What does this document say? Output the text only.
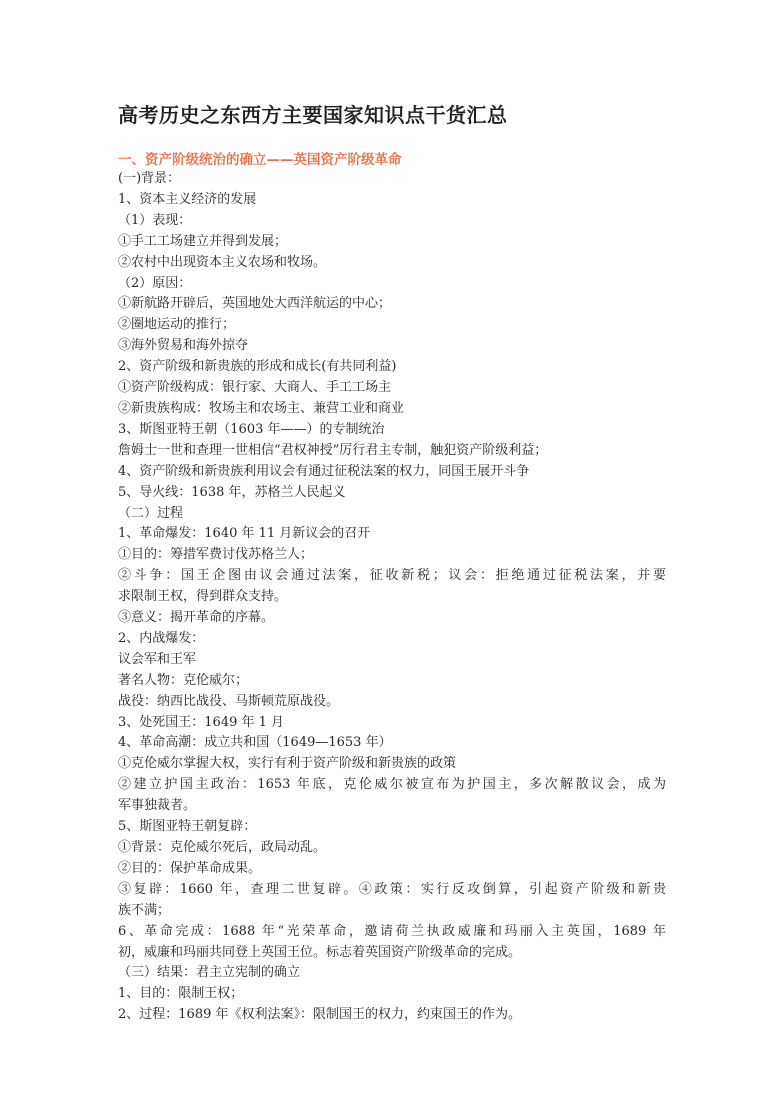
高考历史之东西方主要国家知识点干货汇总
一、资产阶级统治的确立——英国资产阶级革命
(一)背景：
1、资本主义经济的发展
（1）表现：
①手工工场建立并得到发展；
②农村中出现资本主义农场和牧场。
（2）原因：
①新航路开辟后，英国地处大西洋航运的中心；
②圈地运动的推行；
③海外贸易和海外掠夺
2、资产阶级和新贵族的形成和成长(有共同利益)
①资产阶级构成：银行家、大商人、手工工场主
②新贵族构成：牧场主和农场主、兼营工业和商业
3、斯图亚特王朝（1603 年——）的专制统治
詹姆士一世和查理一世相信“君权神授”厉行君主专制，触犯资产阶级利益；
4、资产阶级和新贵族利用议会有通过征税法案的权力，同国王展开斗争
5、导火线：1638 年，苏格兰人民起义
（二）过程
1、革命爆发：1640 年 11 月新议会的召开
①目的：筹措军费讨伐苏格兰人；
②斗争：国王企图由议会通过法案，征收新税；议会：拒绝通过征税法案，并要
求限制王权，得到群众支持。
③意义：揭开革命的序幕。
2、内战爆发：
议会军和王军
著名人物：克伦威尔；
战役：纳西比战役、马斯顿荒原战役。
3、处死国王：1649 年 1 月
4、革命高潮：成立共和国（1649—1653 年）
①克伦威尔掌握大权，实行有利于资产阶级和新贵族的政策
②建立护国主政治：1653 年底，克伦威尔被宣布为护国主，多次解散议会，成为
军事独裁者。
5、斯图亚特王朝复辟：
①背景：克伦威尔死后，政局动乱。
②目的：保护革命成果。
③复辟：1660 年，查理二世复辟。④政策：实行反攻倒算，引起资产阶级和新贵
族不满；
6、革命完成：1688 年“光荣革命，邀请荷兰执政威廉和玛丽入主英国，1689 年
初，威廉和玛丽共同登上英国王位。标志着英国资产阶级革命的完成。
（三）结果：君主立宪制的确立
1、目的：限制王权；
2、过程：1689 年《权利法案》：限制国王的权力，约束国王的作为。
